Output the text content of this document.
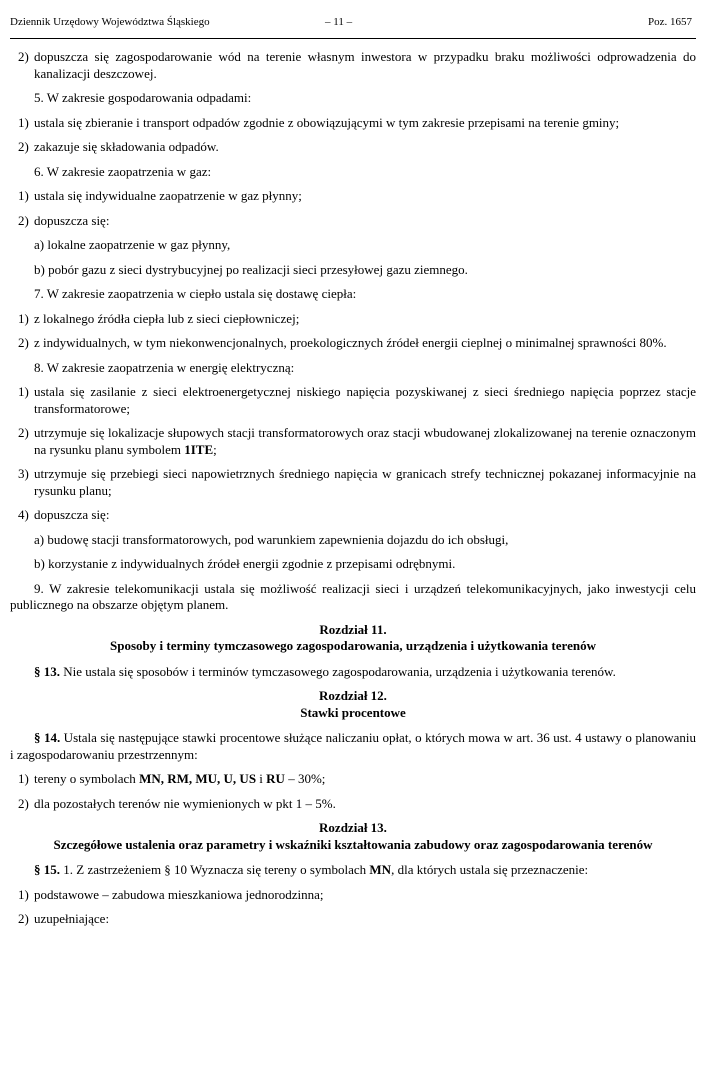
Dziennik Urzędowy Województwa Śląskiego	– 11 –	Poz. 1657
2) dopuszcza się zagospodarowanie wód na terenie własnym inwestora w przypadku braku możliwości odprowadzenia do kanalizacji deszczowej.
5. W zakresie gospodarowania odpadami:
1) ustala się zbieranie i transport odpadów zgodnie z obowiązującymi w tym zakresie przepisami na terenie gminy;
2) zakazuje się składowania odpadów.
6. W zakresie zaopatrzenia w gaz:
1) ustala się indywidualne zaopatrzenie w gaz płynny;
2) dopuszcza się:
a) lokalne zaopatrzenie w gaz płynny,
b) pobór gazu z sieci dystrybucyjnej po realizacji sieci przesyłowej gazu ziemnego.
7. W zakresie zaopatrzenia w ciepło ustala się dostawę ciepła:
1) z lokalnego źródła ciepła lub z sieci ciepłowniczej;
2) z indywidualnych, w tym niekonwencjonalnych, proekologicznych źródeł energii cieplnej o minimalnej sprawności 80%.
8. W zakresie zaopatrzenia w energię elektryczną:
1) ustala się zasilanie z sieci elektroenergetycznej niskiego napięcia pozyskiwanej z sieci średniego napięcia poprzez stacje transformatorowe;
2) utrzymuje się lokalizacje słupowych stacji transformatorowych oraz stacji wbudowanej zlokalizowanej na terenie oznaczonym na rysunku planu symbolem 1ITE;
3) utrzymuje się przebiegi sieci napowietrznych średniego napięcia w granicach strefy technicznej pokazanej informacyjnie na rysunku planu;
4) dopuszcza się:
a) budowę stacji transformatorowych, pod warunkiem zapewnienia dojazdu do ich obsługi,
b) korzystanie z indywidualnych źródeł energii zgodnie z przepisami odrębnymi.
9. W zakresie telekomunikacji ustala się możliwość realizacji sieci i urządzeń telekomunikacyjnych, jako inwestycji celu publicznego na obszarze objętym planem.
Rozdział 11.
Sposoby i terminy tymczasowego zagospodarowania, urządzenia i użytkowania terenów
§ 13. Nie ustala się sposobów i terminów tymczasowego zagospodarowania, urządzenia i użytkowania terenów.
Rozdział 12.
Stawki procentowe
§ 14. Ustala się następujące stawki procentowe służące naliczaniu opłat, o których mowa w art. 36 ust. 4 ustawy o planowaniu i zagospodarowaniu przestrzennym:
1) tereny o symbolach MN, RM, MU, U, US i RU – 30%;
2) dla pozostałych terenów nie wymienionych w pkt 1 – 5%.
Rozdział 13.
Szczegółowe ustalenia oraz parametry i wskaźniki kształtowania zabudowy oraz zagospodarowania terenów
§ 15. 1. Z zastrzeżeniem § 10 Wyznacza się tereny o symbolach MN, dla których ustala się przeznaczenie:
1) podstawowe – zabudowa mieszkaniowa jednorodzinna;
2) uzupełniające:
